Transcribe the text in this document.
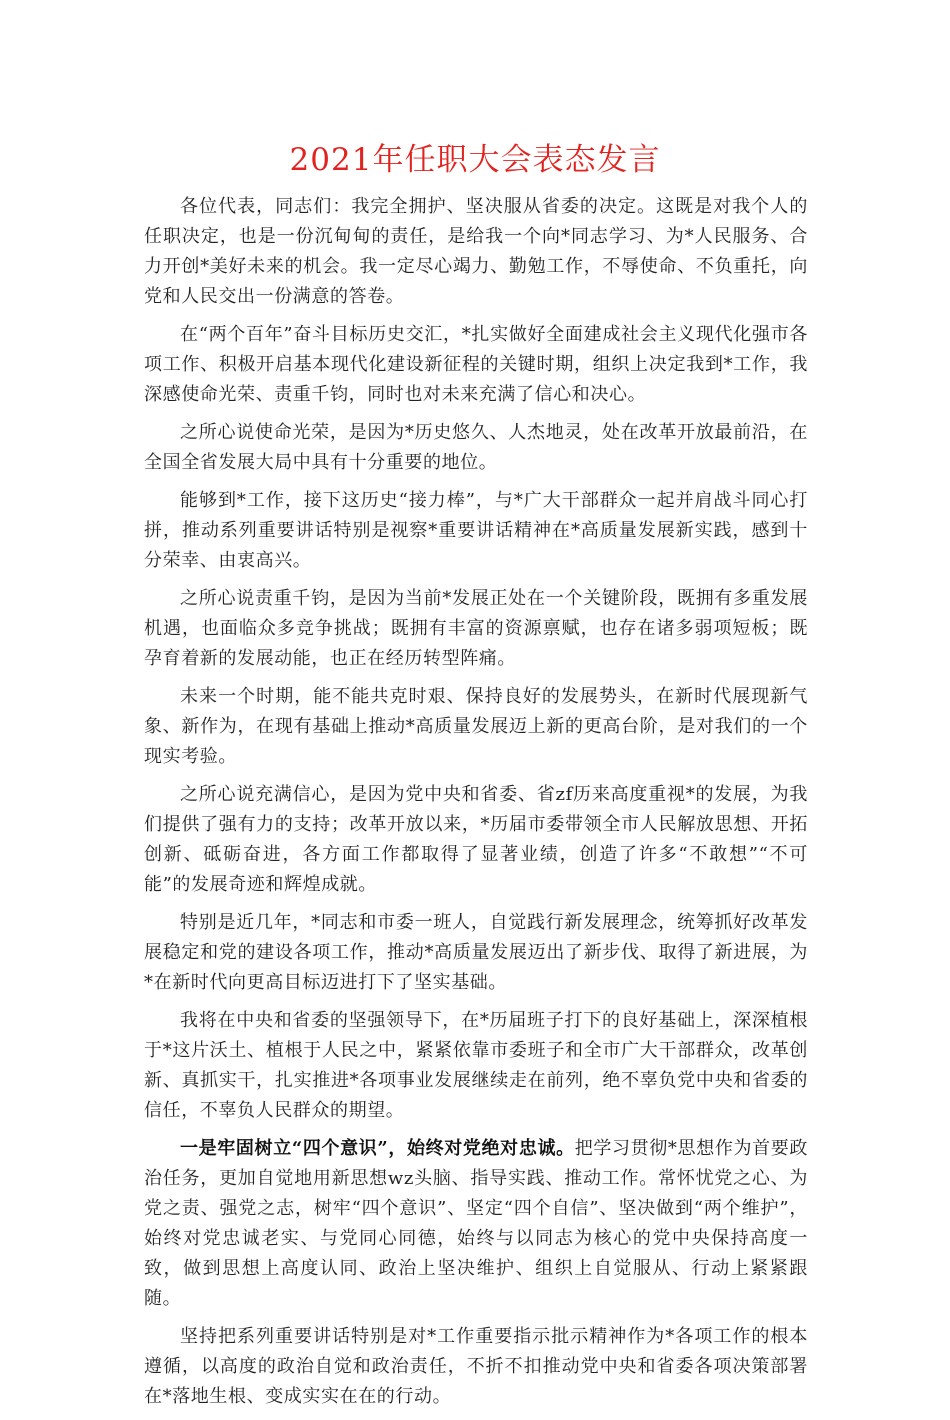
2021年任职大会表态发言

各位代表，同志们：我完全拥护、坚决服从省委的决定。这既是对我个人的任职决定，也是一份沉甸甸的责任，是给我一个向*同志学习、为*人民服务、合力开创*美好未来的机会。我一定尽心竭力、勤勉工作，不辱使命、不负重托，向党和人民交出一份满意的答卷。

在“两个百年”奋斗目标历史交汇，*扎实做好全面建成社会主义现代化强市各项工作、积极开启基本现代化建设新征程的关键时期，组织上决定我到*工作，我深感使命光荣、责重千钧，同时也对未来充满了信心和决心。

之所心说使命光荣，是因为*历史悠久、人杰地灵，处在改革开放最前沿，在全国全省发展大局中具有十分重要的地位。

能够到*工作，接下这历史“接力棒”，与*广大干部群众一起并肩战斗同心打拼，推动系列重要讲话特别是视察*重要讲话精神在*高质量发展新实践，感到十分荣幸、由衷高兴。

之所心说责重千钧，是因为当前*发展正处在一个关键阶段，既拥有多重发展机遇，也面临众多竞争挑战；既拥有丰富的资源禀赋，也存在诸多弱项短板；既孕育着新的发展动能，也正在经历转型阵痛。

未来一个时期，能不能共克时艰、保持良好的发展势头，在新时代展现新气象、新作为，在现有基础上推动*高质量发展迈上新的更高台阶，是对我们的一个现实考验。

之所心说充满信心，是因为党中央和省委、省zf历来高度重视*的发展，为我们提供了强有力的支持；改革开放以来，*历届市委带领全市人民解放思想、开拓创新、砥砺奋进，各方面工作都取得了显著业绩，创造了许多“不敢想”“不可能”的发展奇迹和辉煌成就。

特别是近几年，*同志和市委一班人，自觉践行新发展理念，统筹抓好改革发展稳定和党的建设各项工作，推动*高质量发展迈出了新步伐、取得了新进展，为*在新时代向更高目标迈进打下了坚实基础。

我将在中央和省委的坚强领导下，在*历届班子打下的良好基础上，深深植根于*这片沃土、植根于人民之中，紧紧依靠市委班子和全市广大干部群众，改革创新、真抓实干，扎实推进*各项事业发展继续走在前列，绝不辜负党中央和省委的信任，不辜负人民群众的期望。

一是牢固树立“四个意识”，始终对党绝对忠诚。把学习贯彻*思想作为首要政治任务，更加自觉地用新思想wz头脑、指导实践、推动工作。常怀忧党之心、为党之责、强党之志，树牢“四个意识”、坚定“四个自信”、坚决做到“两个维护”，始终对党忠诚老实、与党同心同德，始终与以同志为核心的党中央保持高度一致，做到思想上高度认同、政治上坚决维护、组织上自觉服从、行动上紧紧跟随。

坚持把系列重要讲话特别是对*工作重要指示批示精神作为*各项工作的根本遵循，以高度的政治自觉和政治责任，不折不扣推动党中央和省委各项决策部署在*落地生根、变成实实在在的行动。
